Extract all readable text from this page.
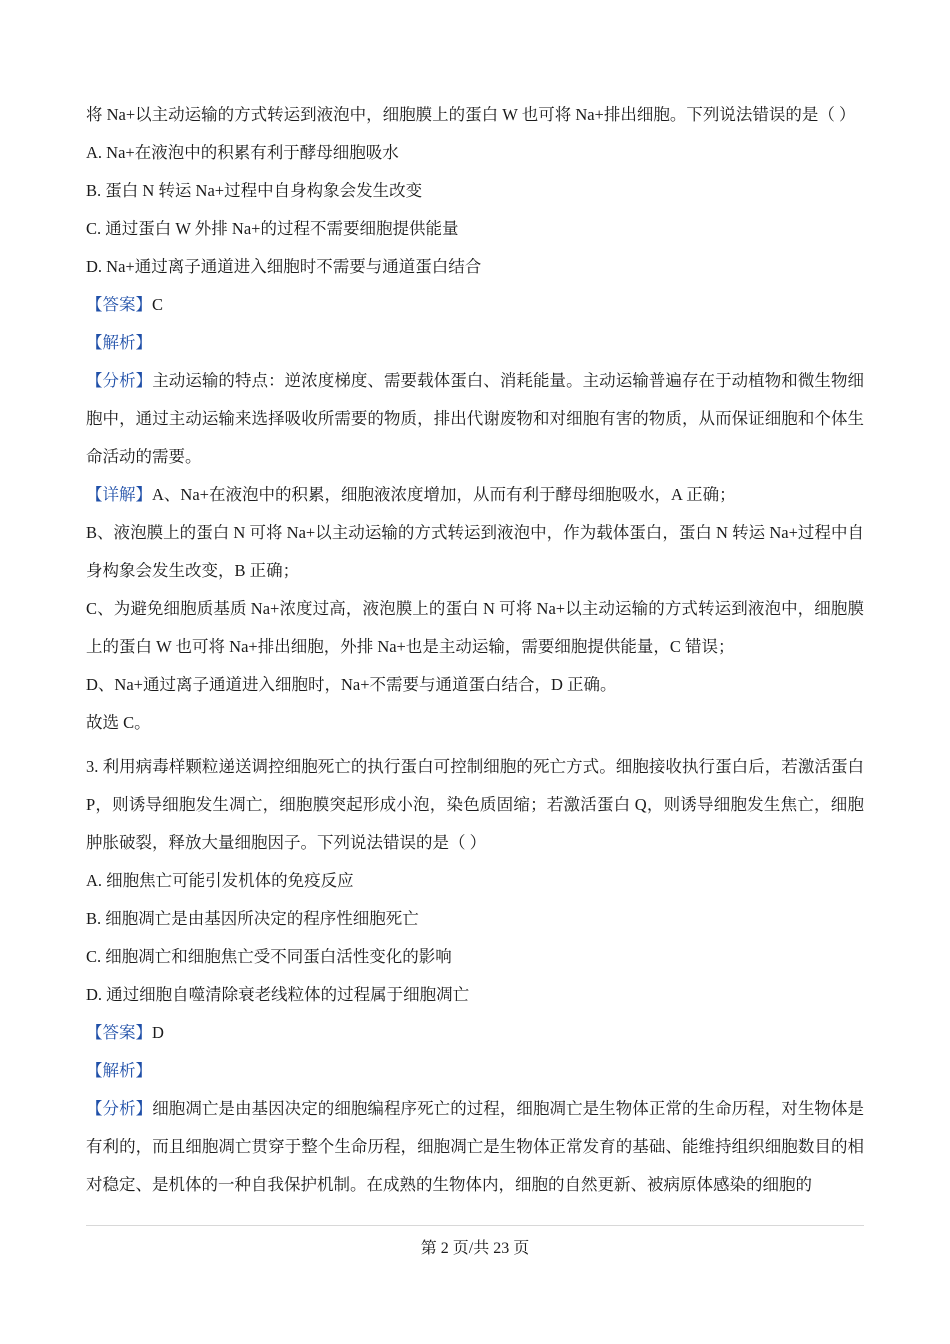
将 Na+以主动运输的方式转运到液泡中，细胞膜上的蛋白 W 也可将 Na+排出细胞。下列说法错误的是（ ）

A. Na+在液泡中的积累有利于酵母细胞吸水

B. 蛋白 N 转运 Na+过程中自身构象会发生改变

C. 通过蛋白 W 外排 Na+的过程不需要细胞提供能量

D. Na+通过离子通道进入细胞时不需要与通道蛋白结合

【答案】C

【解析】

【分析】主动运输的特点：逆浓度梯度、需要载体蛋白、消耗能量。主动运输普遍存在于动植物和微生物细胞中，通过主动运输来选择吸收所需要的物质，排出代谢废物和对细胞有害的物质，从而保证细胞和个体生命活动的需要。

【详解】A、Na+在液泡中的积累，细胞液浓度增加，从而有利于酵母细胞吸水，A 正确；

B、液泡膜上的蛋白 N 可将 Na+以主动运输的方式转运到液泡中，作为载体蛋白，蛋白 N 转运 Na+过程中自身构象会发生改变，B 正确；

C、为避免细胞质基质 Na+浓度过高，液泡膜上的蛋白 N 可将 Na+以主动运输的方式转运到液泡中，细胞膜上的蛋白 W 也可将 Na+排出细胞，外排 Na+也是主动运输，需要细胞提供能量，C 错误；

D、Na+通过离子通道进入细胞时，Na+不需要与通道蛋白结合，D 正确。

故选 C。

3. 利用病毒样颗粒递送调控细胞死亡的执行蛋白可控制细胞的死亡方式。细胞接收执行蛋白后，若激活蛋白 P，则诱导细胞发生凋亡，细胞膜突起形成小泡，染色质固缩；若激活蛋白 Q，则诱导细胞发生焦亡，细胞肿胀破裂，释放大量细胞因子。下列说法错误的是（ ）

A. 细胞焦亡可能引发机体的免疫反应

B. 细胞凋亡是由基因所决定的程序性细胞死亡

C. 细胞凋亡和细胞焦亡受不同蛋白活性变化的影响

D. 通过细胞自噬清除衰老线粒体的过程属于细胞凋亡

【答案】D

【解析】

【分析】细胞凋亡是由基因决定的细胞编程序死亡的过程，细胞凋亡是生物体正常的生命历程，对生物体是有利的，而且细胞凋亡贯穿于整个生命历程，细胞凋亡是生物体正常发育的基础、能维持组织细胞数目的相对稳定、是机体的一种自我保护机制。在成熟的生物体内，细胞的自然更新、被病原体感染的细胞的

第 2 页/共 23 页
